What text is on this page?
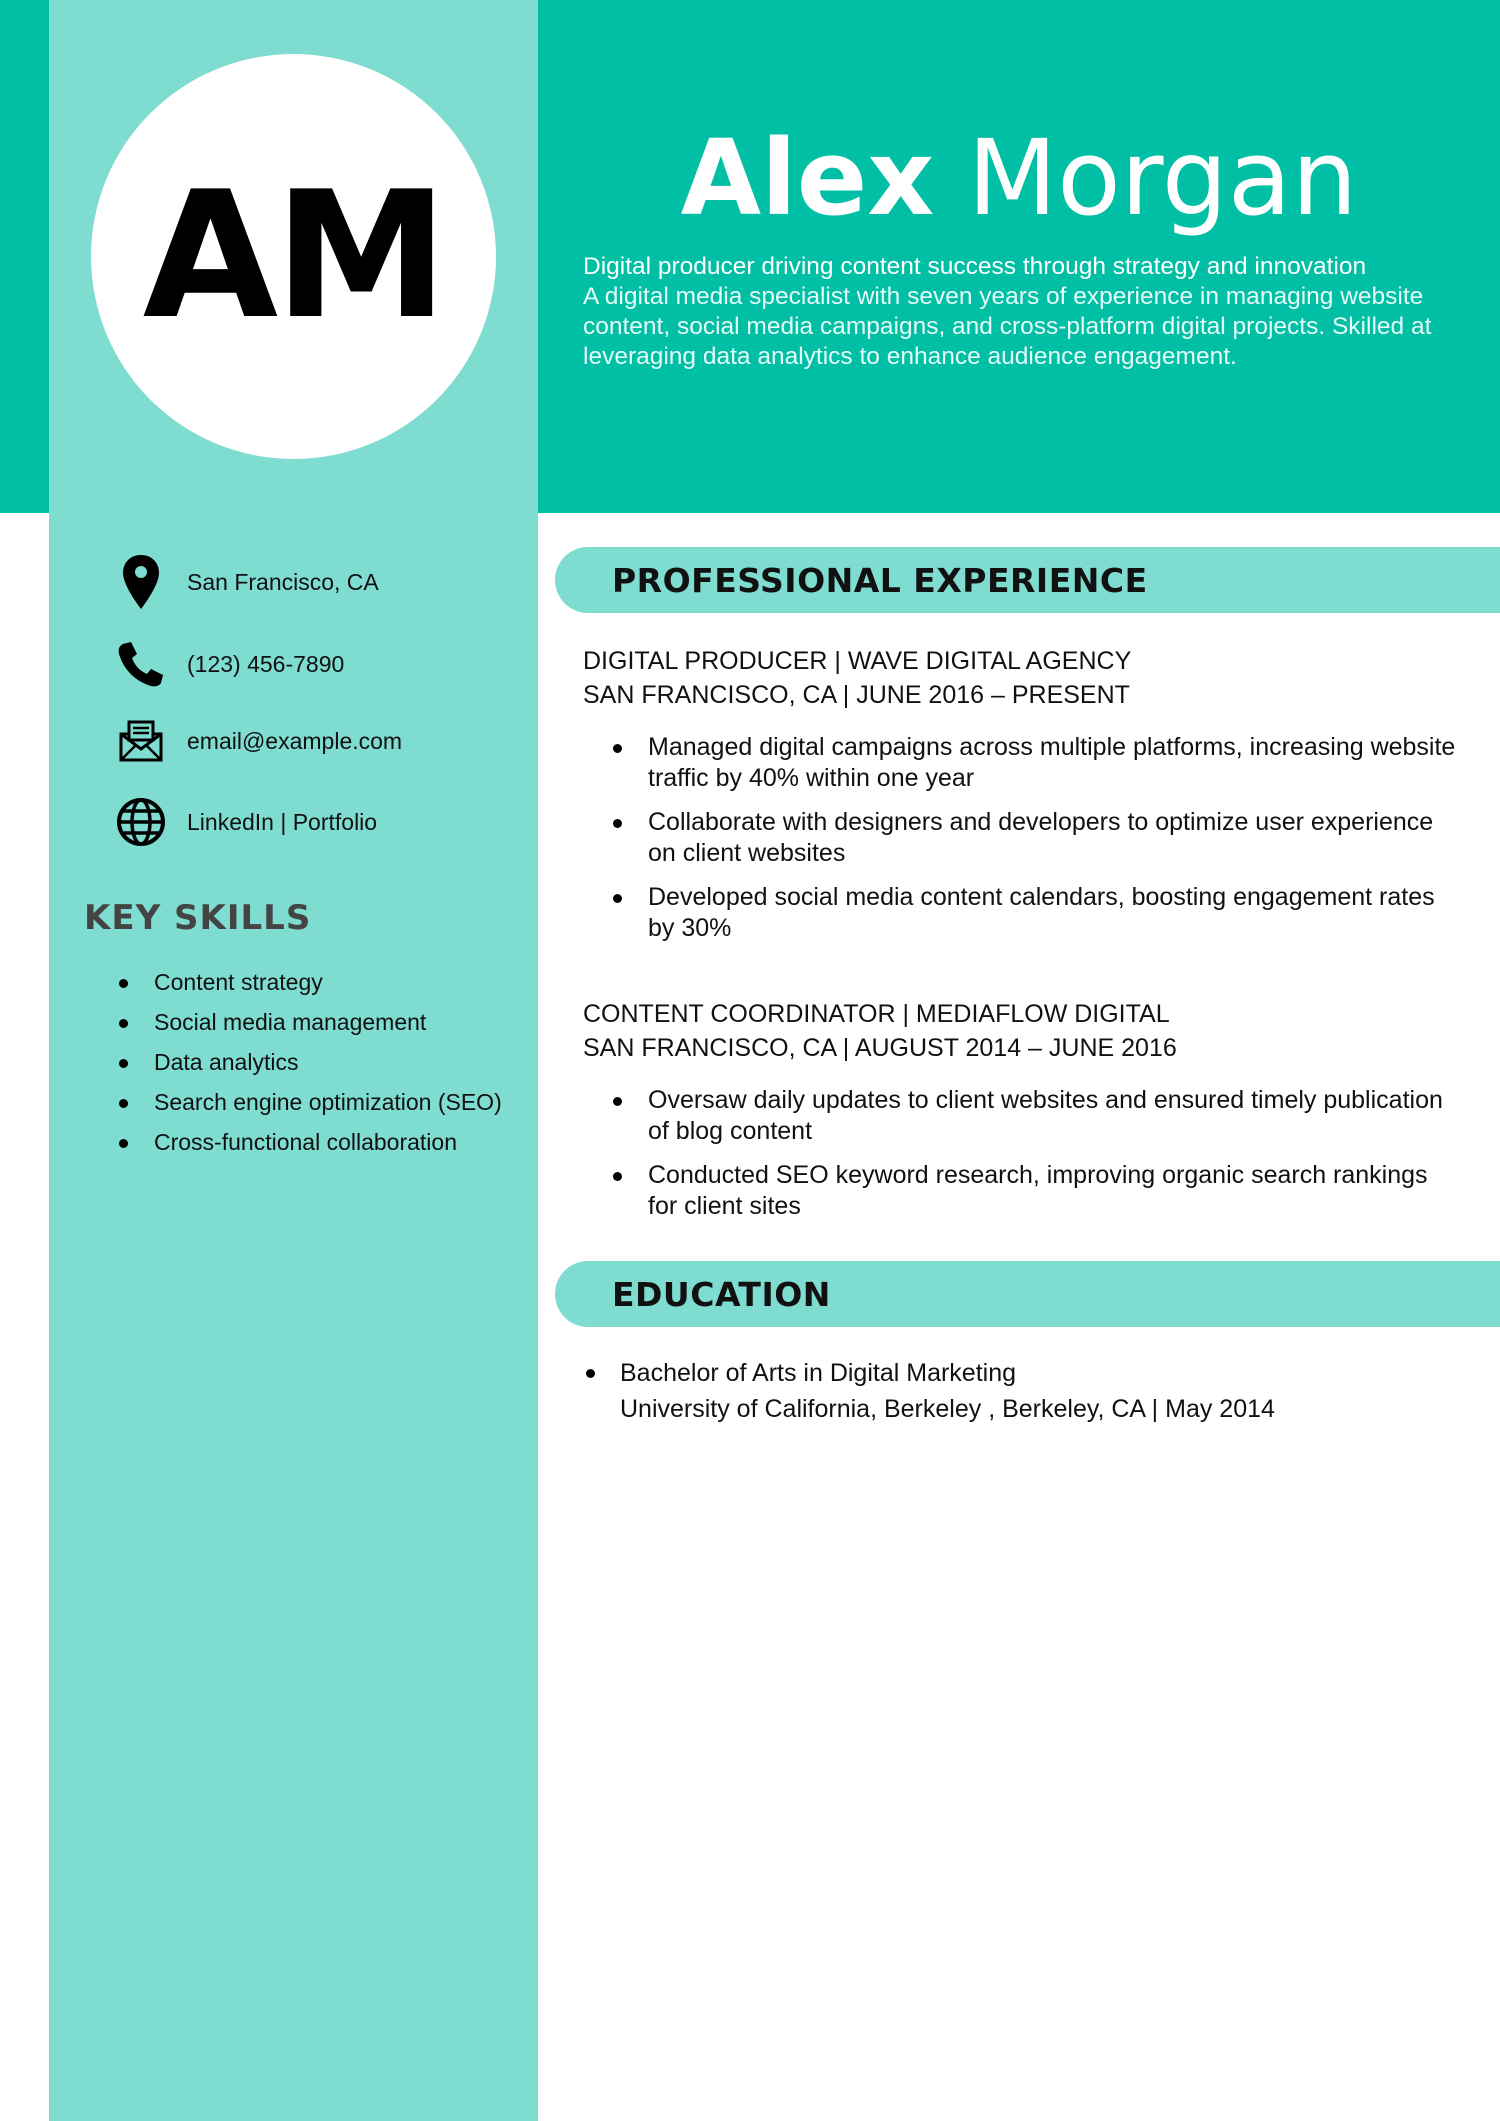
AM	Alex Morgan
Digital producer driving content success through strategy and innovation
A digital media specialist with seven years of experience in managing website content, social media campaigns, and cross-platform digital projects. Skilled at leveraging data analytics to enhance audience engagement.
San Francisco, CA
(123) 456-7890
email@example.com
LinkedIn | Portfolio
KEY SKILLS
Content strategy
Social media management
Data analytics
Search engine optimization (SEO)
Cross-functional collaboration
PROFESSIONAL EXPERIENCE
DIGITAL PRODUCER | WAVE DIGITAL AGENCY
SAN FRANCISCO, CA | JUNE 2016 – PRESENT
Managed digital campaigns across multiple platforms, increasing website traffic by 40% within one year
Collaborate with designers and developers to optimize user experience on client websites
Developed social media content calendars, boosting engagement rates by 30%
CONTENT COORDINATOR | MEDIAFLOW DIGITAL
SAN FRANCISCO, CA | AUGUST 2014 – JUNE 2016
Oversaw daily updates to client websites and ensured timely publication of blog content
Conducted SEO keyword research, improving organic search rankings for client sites
EDUCATION
Bachelor of Arts in Digital Marketing
University of California, Berkeley , Berkeley, CA | May 2014
